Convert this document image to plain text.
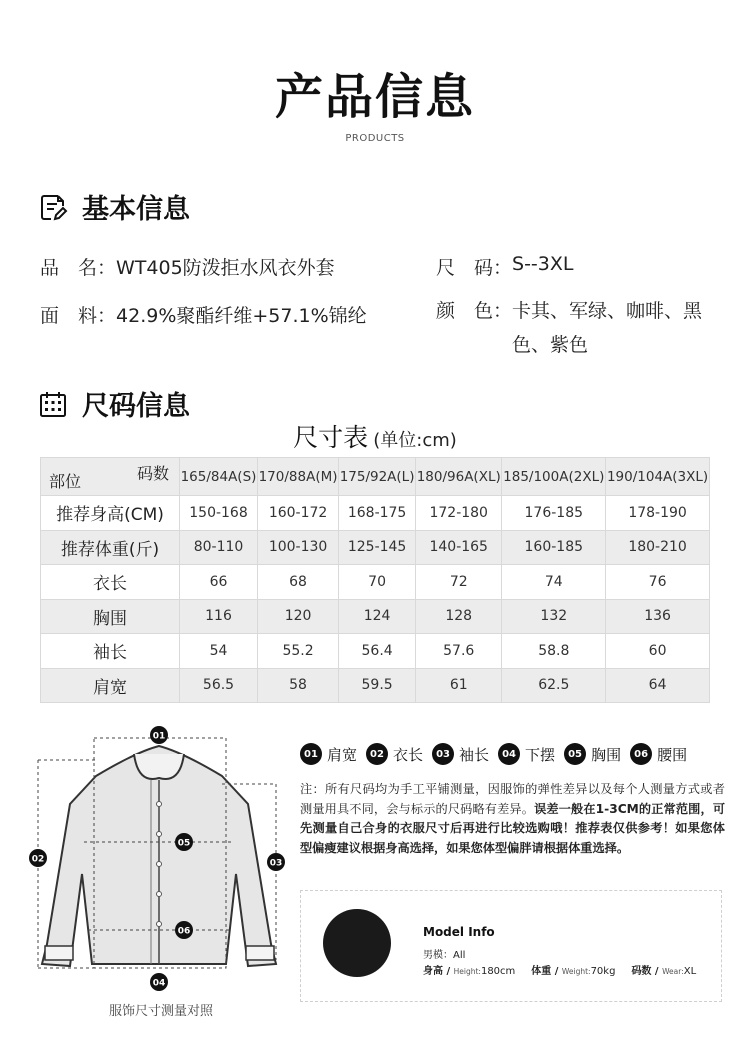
产品信息
PRODUCTS
基本信息
品　名： WT405防泼拒水风衣外套	尺　码： S--3XL
面　料： 42.9%聚酯纤维+57.1%锦纶	颜　色： 卡其、军绿、咖啡、黑色、紫色
尺码信息
尺寸表 (单位:cm)
码数
部位	165/84A(S)	170/88A(M)	175/92A(L)	180/96A(XL)	185/100A(2XL)	190/104A(3XL)
推荐身高(CM)	150-168	160-172	168-175	172-180	176-185	178-190
推荐体重(斤)	80-110	100-130	125-145	140-165	160-185	180-210
衣长	66	68	70	72	74	76
胸围	116	120	124	128	132	136
袖长	54	55.2	56.4	57.6	58.8	60
肩宽	56.5	58	59.5	61	62.5	64
01
02	03
04
05
06
服饰尺寸测量对照
01 肩宽	02 衣长	03 袖长	04 下摆	05 胸围	06 腰围
注：所有尺码均为手工平铺测量，因服饰的弹性差异以及每个人测量方式或者测量用具不同，会与标示的尺码略有差异。误差一般在1-3CM的正常范围，可先测量自己合身的衣服尺寸后再进行比较选购哦！推荐表仅供参考！如果您体型偏瘦建议根据身高选择，如果您体型偏胖请根据体重选择。
Model Info
男模：All
身高 / Height:180cm 体重 / Weight:70kg 码数 / Wear:XL
